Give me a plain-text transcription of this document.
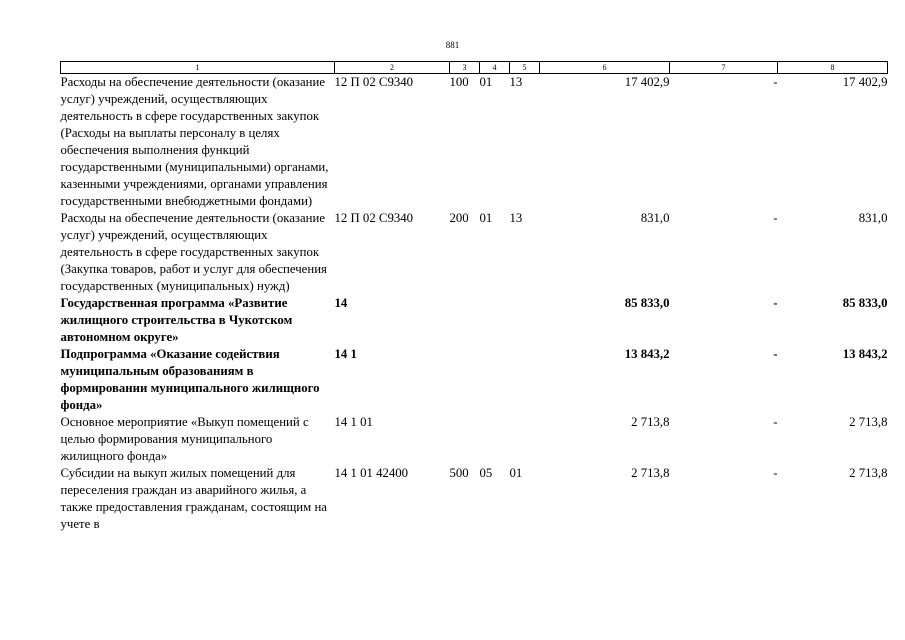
881
1	2	3	4	5	6	7	8
Расходы на обеспечение деятельности (оказание услуг) учреждений, осуществляющих деятельность в сфере государственных закупок (Расходы на выплаты персоналу в целях обеспечения выполнения функций государственными (муниципальными) органами, казенными учреждениями, органами управления государственными внебюджетными фондами)	12 П 02 С9340	100	01	13	17 402,9	-	17 402,9
Расходы на обеспечение деятельности (оказание услуг) учреждений, осуществляющих деятельность в сфере государственных закупок (Закупка товаров, работ и услуг для обеспечения государственных (муниципальных) нужд)	12 П 02 С9340	200	01	13	831,0	-	831,0
Государственная программа «Развитие жилищного строительства в Чукотском автономном округе»	14				85 833,0	-	85 833,0
Подпрограмма «Оказание содействия муниципальным образованиям в формировании муниципального жилищного фонда»	14 1				13 843,2	-	13 843,2
Основное мероприятие «Выкуп помещений с целью формирования муниципального жилищного фонда»	14 1 01				2 713,8	-	2 713,8
Субсидии на выкуп жилых помещений для переселения граждан из аварийного жилья, а также предоставления гражданам, состоящим на учете в	14 1 01 42400	500	05	01	2 713,8	-	2 713,8
